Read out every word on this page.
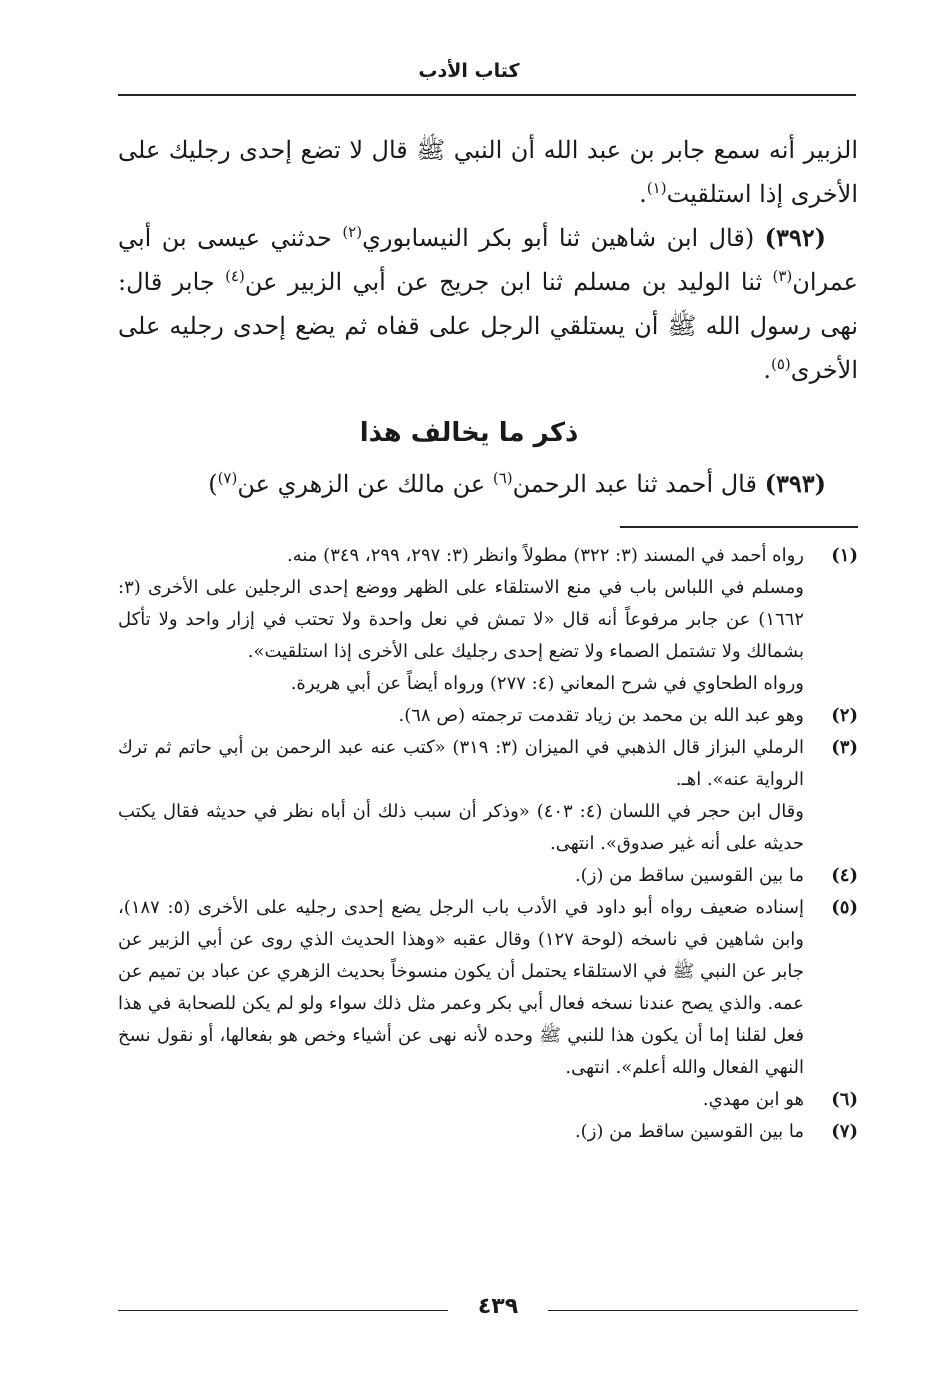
كتاب الأدب

الزبير أنه سمع جابر بن عبد الله أن النبي ﷺ قال لا تضع إحدى رجليك على الأخرى إذا استلقيت$^{(١)}$.

(٣٩٢) (قال ابن شاهين ثنا أبو بكر النيسابوري$^{(٢)}$ حدثني عيسى بن أبي عمران$^{(٣)}$ ثنا الوليد بن مسلم ثنا ابن جريج عن أبي الزبير عن$^{(٤)}$ جابر قال: نهى رسول الله ﷺ أن يستلقي الرجل على قفاه ثم يضع إحدى رجليه على الأخرى$^{(٥)}$.

ذكر ما يخالف هذا
(٣٩٣) قال أحمد ثنا عبد الرحمن$^{(٦)}$ عن مالك عن الزهري عن$^{(٧)}$)
(١)

رواه أحمد في المسند (٣: ٣٢٢) مطولاً وانظر (٣: ٢٩٧، ٢٩٩، ٣٤٩) منه.

ومسلم في اللباس باب في منع الاستلقاء على الظهر ووضع إحدى الرجلين على الأخرى (٣: ١٦٦٢) عن جابر مرفوعاً أنه قال «لا تمش في نعل واحدة ولا تحتب في إزار واحد ولا تأكل بشمالك ولا تشتمل الصماء ولا تضع إحدى رجليك على الأخرى إذا استلقيت».

ورواه الطحاوي في شرح المعاني (٤: ٢٧٧) ورواه أيضاً عن أبي هريرة.

(٢)
وهو عبد الله بن محمد بن زياد تقدمت ترجمته (ص ٦٨).
(٣)
الرملي البزاز قال الذهبي في الميزان (٣: ٣١٩) «كتب عنه عبد الرحمن بن أبي حاتم ثم ترك الرواية عنه». اهـ.
وقال ابن حجر في اللسان (٤: ٤٠٣) «وذكر أن سبب ذلك أن أباه نظر في حديثه فقال يكتب حديثه على أنه غير صدوق». انتهى.
(٤)
ما بين القوسين ساقط من (ز).
(٥)
إسناده ضعيف رواه أبو داود في الأدب باب الرجل يضع إحدى رجليه على الأخرى (٥: ١٨٧)، وابن شاهين في ناسخه (لوحة ١٢٧) وقال عقبه «وهذا الحديث الذي روى عن أبي الزبير عن جابر عن النبي ﷺ في الاستلقاء يحتمل أن يكون منسوخاً بحديث الزهري عن عباد بن تميم عن عمه. والذي يصح عندنا نسخه فعال أبي بكر وعمر مثل ذلك سواء ولو لم يكن للصحابة في هذا فعل لقلنا إما أن يكون هذا للنبي ﷺ وحده لأنه نهى عن أشياء وخص هو بفعالها، أو نقول نسخ النهي الفعال والله أعلم». انتهى.
(٦)
هو ابن مهدي.
(٧)
ما بين القوسين ساقط من (ز).
٤٣٩
